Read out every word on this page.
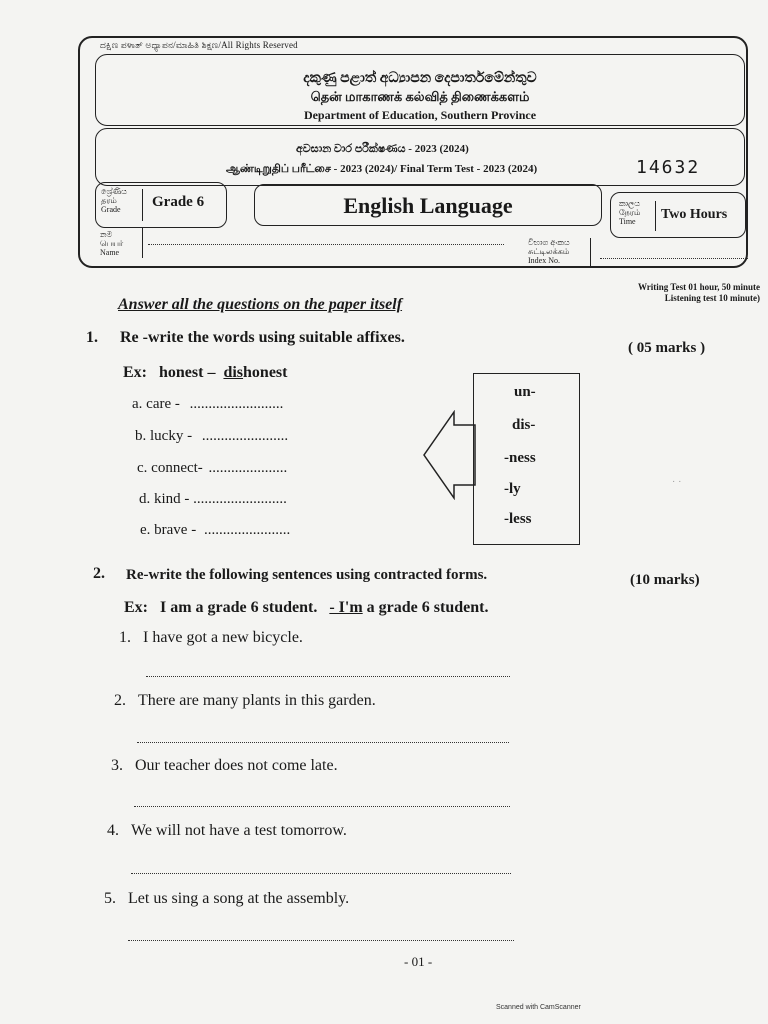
ದಕ್ಷಿಣ ಪಳಾತ್ ಅಧ್ಯಾಪನ/ಮಾಹಿತಿ ಶಿಕ್ಷಣ/All Rights Reserved
දකුණු පළාත් අධ්‍යාපන දෙපාර්තමේන්තුව
தென் மாகாணக் கல்வித் திணைக்களம்
Department of Education, Southern Province
අවසාන වාර පරීක්ෂණය - 2023 (2024)
ஆண்டிறுதிப் பரீட்சை - 2023 (2024)/ Final Term Test - 2023 (2024)	14632
ශ්‍රේණිය
தரம்
Grade	Grade 6	English Language	කාලය
நேரம்
Time	Two Hours
නම
பெயர்
Name
විභාග අංකය
சுட்டிலக்கம்
Index No.
Writing Test 01 hour, 50 minute
Listening test 10 minute)
Answer all the questions on the paper itself
1. Re -write the words using suitable affixes.
( 05 marks )
Ex: honest – dishonest
a. care - .........................
b. lucky - .......................
c. connect- .....................
d. kind - .........................
e. brave - .......................
un-
dis-
-ness
-ly
-less
· ·
2. Re-write the following sentences using contracted forms.	(10 marks)
Ex: I am a grade 6 student. - I'm a grade 6 student.
1. I have got a new bicycle.
2. There are many plants in this garden.
3. Our teacher does not come late.
4. We will not have a test tomorrow.
5. Let us sing a song at the assembly.
- 01 -
Scanned with CamScanner
